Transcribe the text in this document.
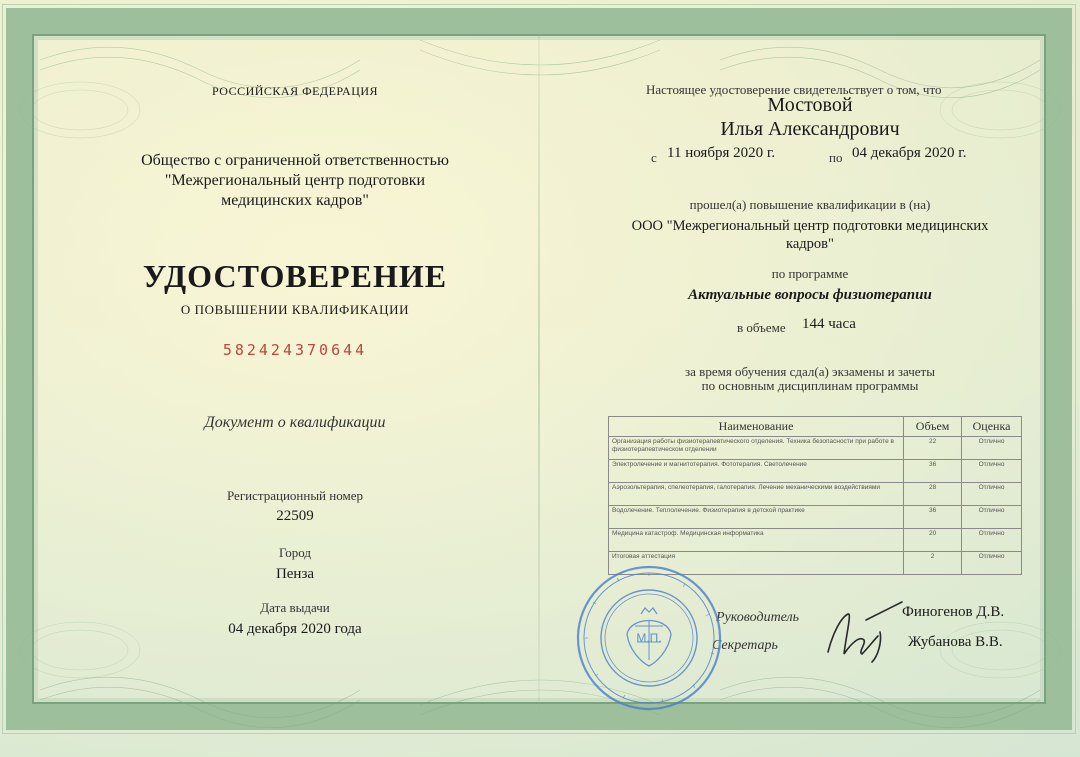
РОССИЙСКАЯ ФЕДЕРАЦИЯ
Общество с ограниченной ответственностью
"Межрегиональный центр подготовки
медицинских кадров"
УДОСТОВЕРЕНИЕ
О ПОВЫШЕНИИ КВАЛИФИКАЦИИ
582424370644
Документ о квалификации
Регистрационный номер
22509
Город
Пенза
Дата выдачи
04 декабря 2020 года
Настоящее удостоверение свидетельствует о том, что
Мостовой
Илья Александрович
с 11 ноября 2020 г.	по 04 декабря 2020 г.
прошел(а) повышение квалификации в (на)
ООО "Межрегиональный центр подготовки медицинских
кадров"
по программе
Актуальные вопросы физиотерапии
в объеме 144 часа
за время обучения сдал(а) экзамены и зачеты
по основным дисциплинам программы
Наименование	Объем	Оценка
Организация работы физиотерапевтического отделения. Техника безопасности при работе в физиотерапевтическом отделении	22	Отлично
Электролечение и магнитотерапия. Фототерапия. Светолечение	36	Отлично
Аэрозольтерапия, спелеотерапия, галотерапия. Лечение механическими воздействиями	28	Отлично
Водолечение. Теплолечение. Физиотерапия в детской практике	36	Отлично
Медицина катастроф. Медицинская информатика	20	Отлично
Итоговая аттестация	2	Отлично
Руководитель	Финогенов Д.В.
Секретарь	Жубанова В.В.
М.П.
